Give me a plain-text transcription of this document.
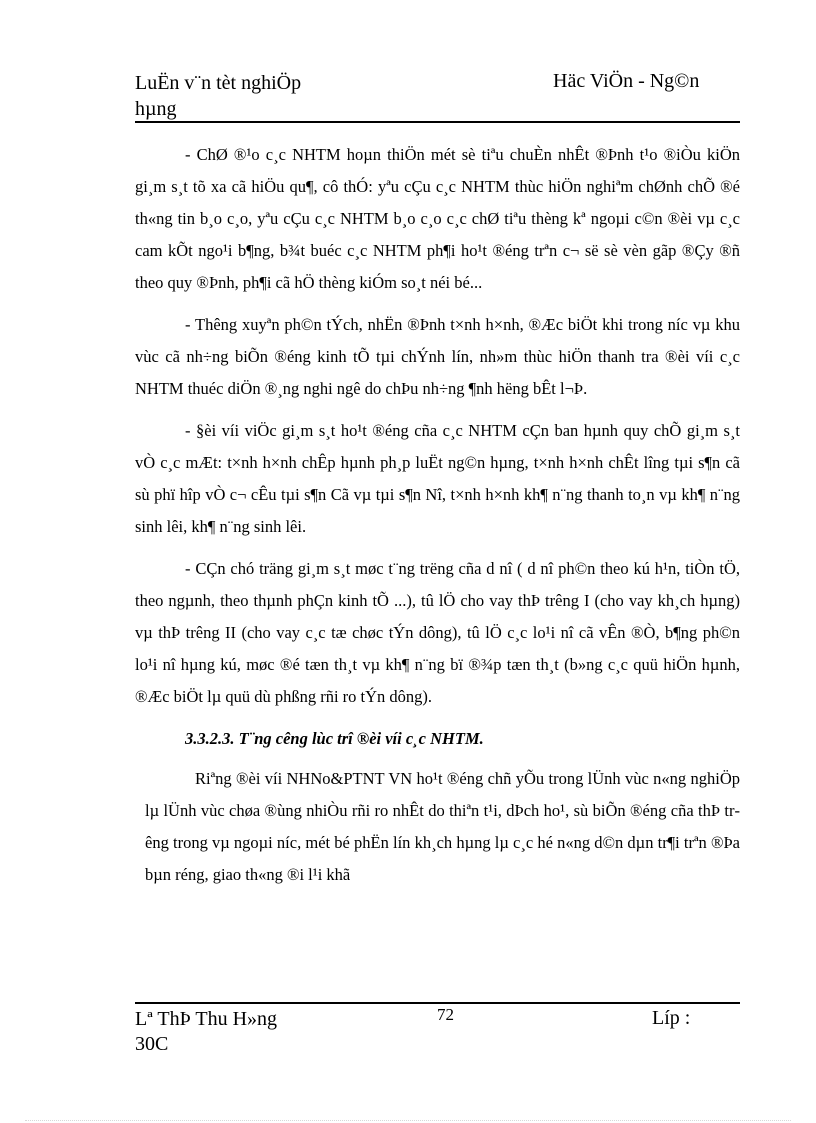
LuËn v¨n tèt nghiÖp
hµng
Häc ViÖn - Ng©n

- ChØ ®¹o c¸c NHTM hoµn thiÖn mét sè tiªu chuÈn nhÊt ®Þnh t¹o ®iÒu kiÖn gi¸m s¸t tõ xa cã hiÖu qu¶, cô thÓ: yªu cÇu c¸c NHTM thùc hiÖn nghiªm chØnh chÕ ®é th«ng tin b¸o c¸o, yªu cÇu c¸c NHTM b¸o c¸o c¸c chØ tiªu thèng kª ngoµi c©n ®èi vµ c¸c cam kÕt ngo¹i b¶ng, b¾t buéc c¸c NHTM ph¶i ho¹t ®éng trªn c¬ së sè vèn gãp ®Çy ®ñ theo quy ®Þnh, ph¶i cã hÖ thèng kiÓm so¸t néi bé...

- Thêng xuyªn ph©n tÝch, nhËn ®Þnh t×nh h×nh, ®Æc biÖt khi trong níc vµ khu vùc cã nh÷ng biÕn ®éng kinh tÕ tµi chÝnh lín, nh»m thùc hiÖn thanh tra ®èi víi c¸c NHTM thuéc diÖn ®¸ng nghi ngê do chÞu nh÷ng ¶nh hëng bÊt l¬Þ.

- §èi víi viÖc gi¸m s¸t ho¹t ®éng cña c¸c NHTM cÇn ban hµnh quy chÕ gi¸m s¸t vÒ c¸c mÆt: t×nh h×nh chÊp hµnh ph¸p luËt ng©n hµng, t×nh h×nh chÊt lîng tµi s¶n cã sù phï hîp vÒ c¬ cÊu tµi s¶n Cã vµ tµi s¶n Nî, t×nh h×nh kh¶ n¨ng thanh to¸n vµ kh¶ n¨ng sinh lêi, kh¶ n¨ng sinh lêi.

- CÇn chó träng gi¸m s¸t møc t¨ng trëng cña d nî ( d nî ph©n theo kú h¹n, tiÒn tÖ, theo ngµnh, theo thµnh phÇn kinh tÕ ...), tû lÖ cho vay thÞ trêng I (cho vay kh¸ch hµng) vµ thÞ trêng II (cho vay c¸c tæ chøc tÝn dông), tû lÖ c¸c lo¹i nî cã vÊn ®Ò, b¶ng ph©n lo¹i nî hµng kú, møc ®é tæn th¸t vµ kh¶ n¨ng bï ®¾p tæn th¸t (b»ng c¸c quü hiÖn hµnh, ®Æc biÖt lµ quü dù phßng rñi ro tÝn dông).

3.3.2.3. T¨ng cêng lùc trî ®èi víi c¸c NHTM.

Riªng ®èi víi NHNo&PTNT VN ho¹t ®éng chñ yÕu trong lÜnh vùc n«ng nghiÖp lµ lÜnh vùc chøa ®ùng nhiÒu rñi ro nhÊt do thiªn t¹i, dÞch ho¹, sù biÕn ®éng cña thÞ trêng trong vµ ngoµi níc, mét bé phËn lín kh¸ch hµng lµ c¸c hé n«ng d©n dµn tr¶i trªn ®Þa bµn réng, giao th«ng ®i l¹i khã

Lª ThÞ Thu H»ng
30C
72	Líp :
